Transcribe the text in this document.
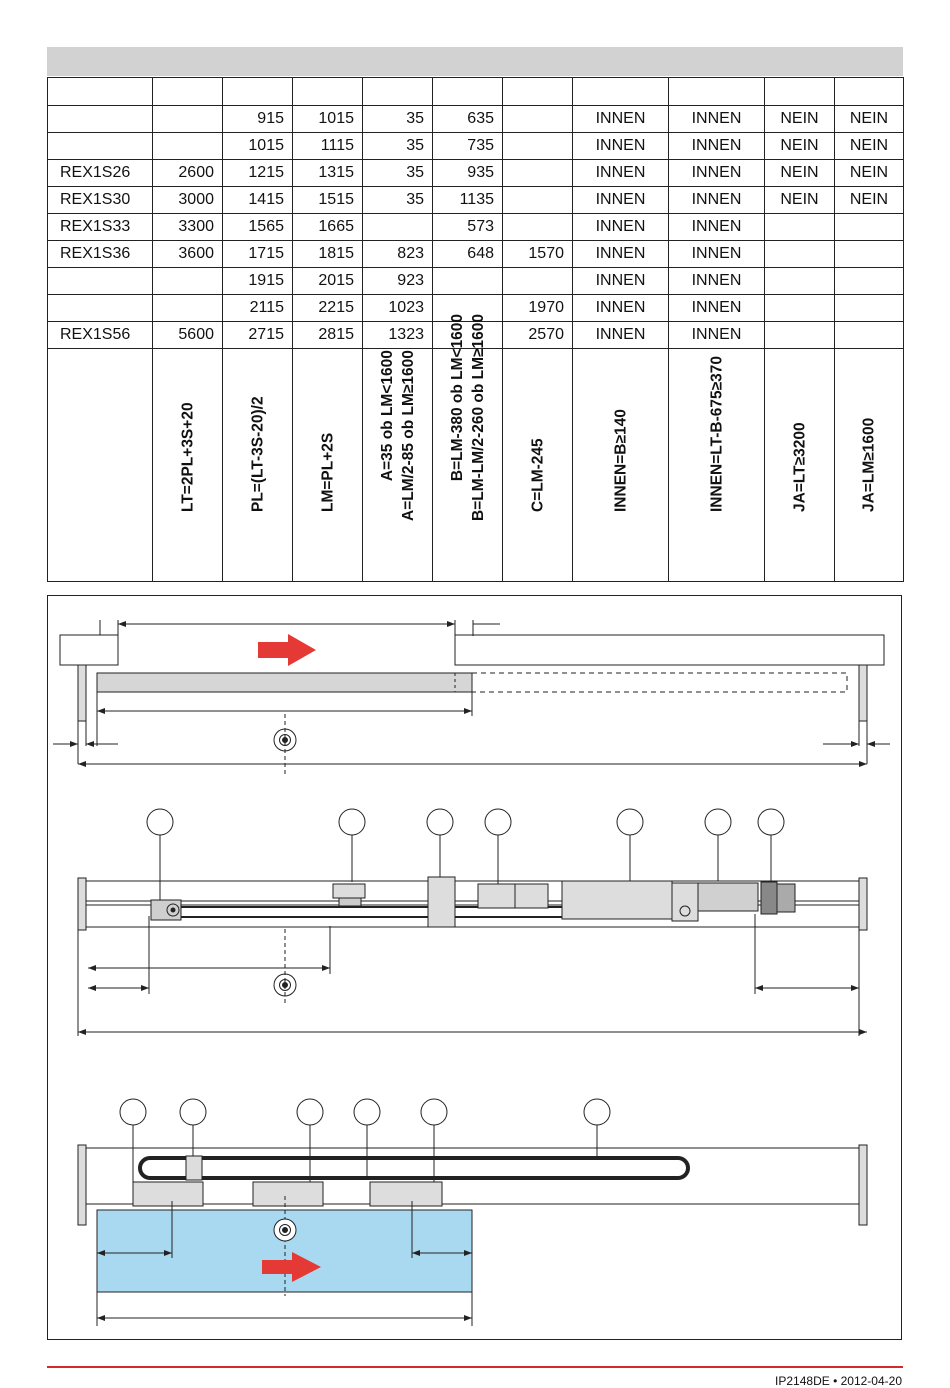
		915	1015	35	635		INNEN	INNEN	NEIN	NEIN
		1015	1115	35	735		INNEN	INNEN	NEIN	NEIN
REX1S26	2600	1215	1315	35	935		INNEN	INNEN	NEIN	NEIN
REX1S30	3000	1415	1515	35	1135		INNEN	INNEN	NEIN	NEIN
REX1S33	3300	1565	1665		573		INNEN	INNEN		
REX1S36	3600	1715	1815	823	648	1570	INNEN	INNEN		
		1915	2015	923			INNEN	INNEN		
		2115	2215	1023		1970	INNEN	INNEN		
REX1S56	5600	2715	2815	1323		2570	INNEN	INNEN		

	LT=2PL+3S+20	PL=(LT-3S-20)/2	LM=PL+2S	A=35 ob LM<1600 A=LM/2-85 ob LM≥1600	B=LM-380 ob LM<1600 B=LM-LM/2-260 ob LM≥1600	C=LM-245	INNEN=B≥140	INNEN=LT-B-675≥370	JA=LT≥3200	JA=LM≥1600
IP2148DE • 2012-04-20
